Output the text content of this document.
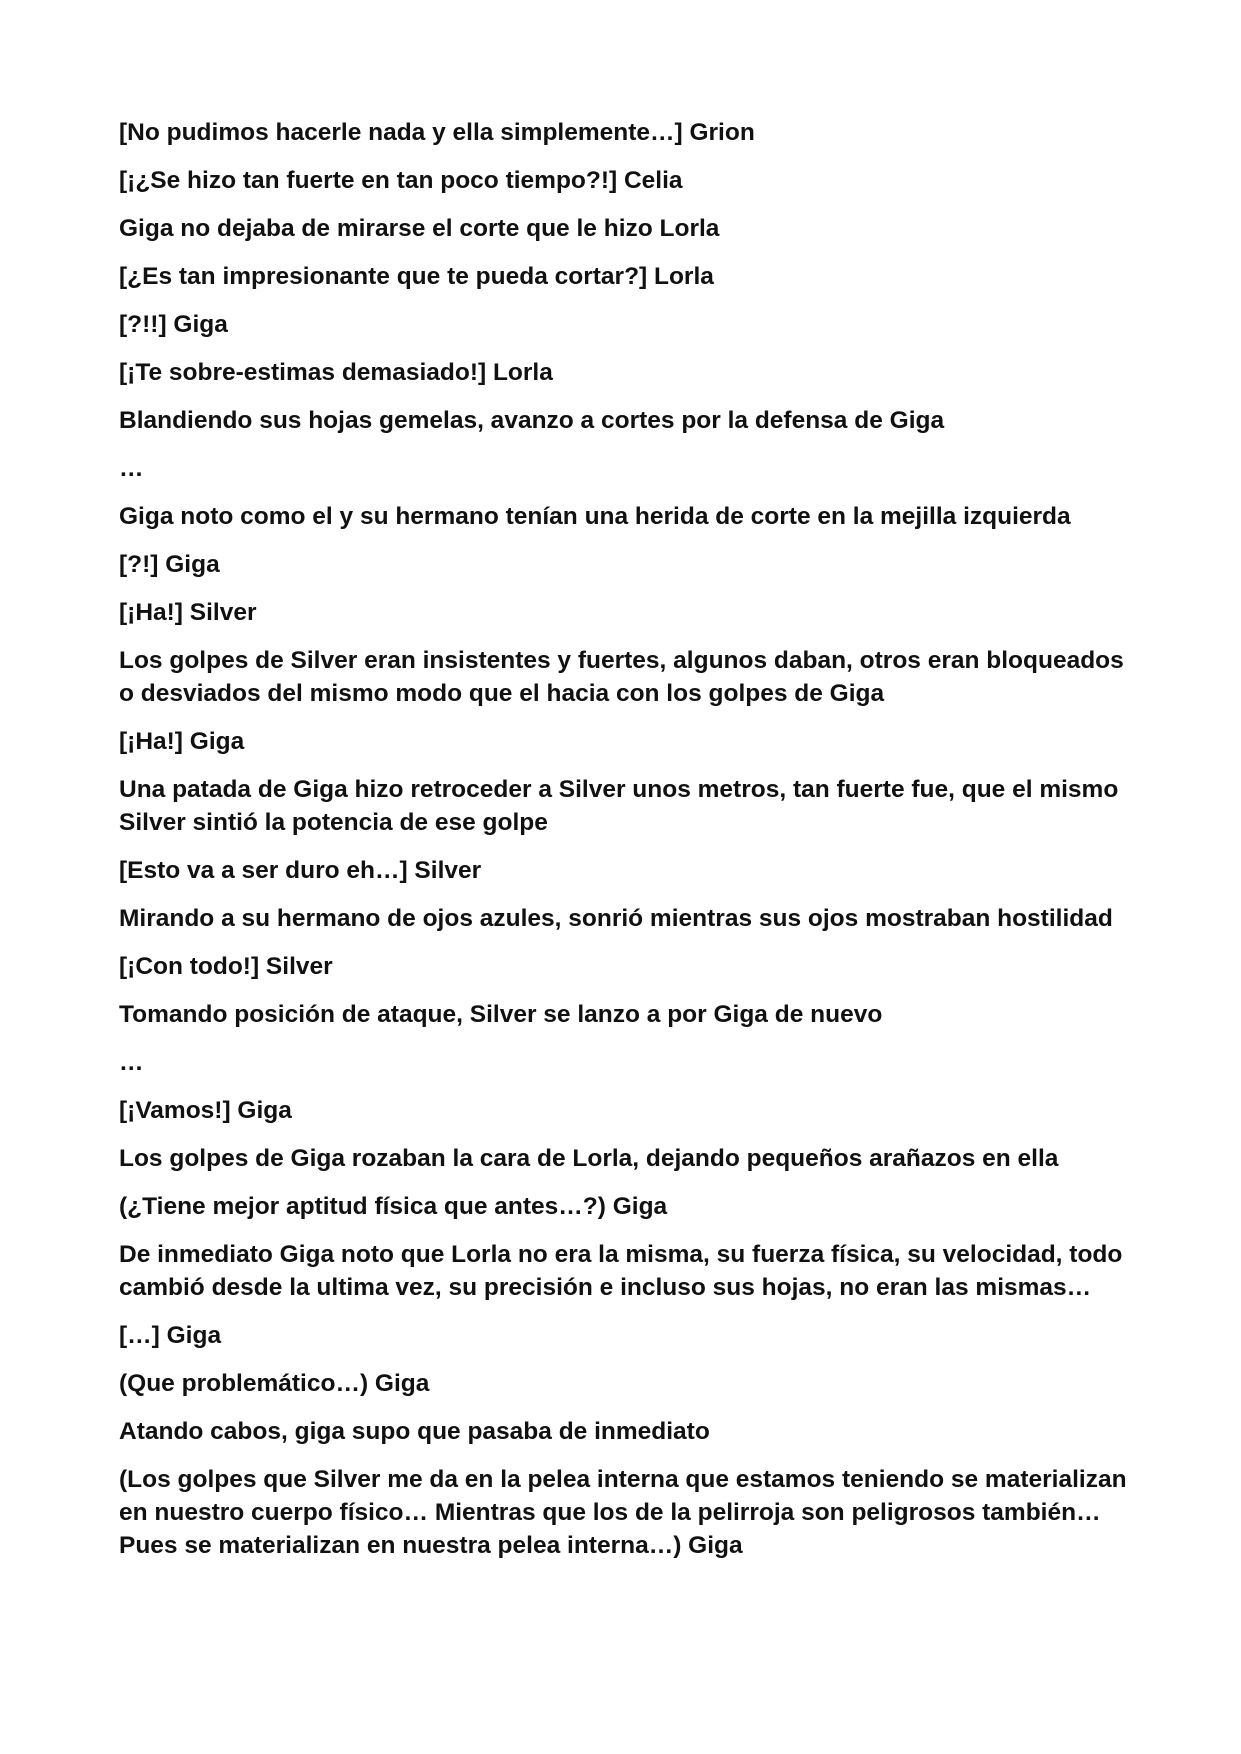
[No pudimos hacerle nada y ella simplemente…] Grion

[¡¿Se hizo tan fuerte en tan poco tiempo?!] Celia

Giga no dejaba de mirarse el corte que le hizo Lorla

[¿Es tan impresionante que te pueda cortar?] Lorla

[?!!] Giga

[¡Te sobre-estimas demasiado!] Lorla

Blandiendo sus hojas gemelas, avanzo a cortes por la defensa de Giga

…

Giga noto como el y su hermano tenían una herida de corte en la mejilla izquierda

[?!] Giga

[¡Ha!] Silver

Los golpes de Silver eran insistentes y fuertes, algunos daban, otros eran bloqueados o desviados del mismo modo que el hacia con los golpes de Giga

[¡Ha!] Giga

Una patada de Giga hizo retroceder a Silver unos metros, tan fuerte fue, que el mismo Silver sintió la potencia de ese golpe

[Esto va a ser duro eh…] Silver

Mirando a su hermano de ojos azules, sonrió mientras sus ojos mostraban hostilidad

[¡Con todo!] Silver

Tomando posición de ataque, Silver se lanzo a por Giga de nuevo

…

[¡Vamos!] Giga

Los golpes de Giga rozaban la cara de Lorla, dejando pequeños arañazos en ella

(¿Tiene mejor aptitud física que antes…?) Giga

De inmediato Giga noto que Lorla no era la misma, su fuerza física, su velocidad, todo cambió desde la ultima vez, su precisión e incluso sus hojas, no eran las mismas…

[…] Giga

(Que problemático…) Giga

Atando cabos, giga supo que pasaba de inmediato

(Los golpes que Silver me da en la pelea interna que estamos teniendo se materializan en nuestro cuerpo físico… Mientras que los de la pelirroja son peligrosos también… Pues se materializan en nuestra pelea interna…) Giga
